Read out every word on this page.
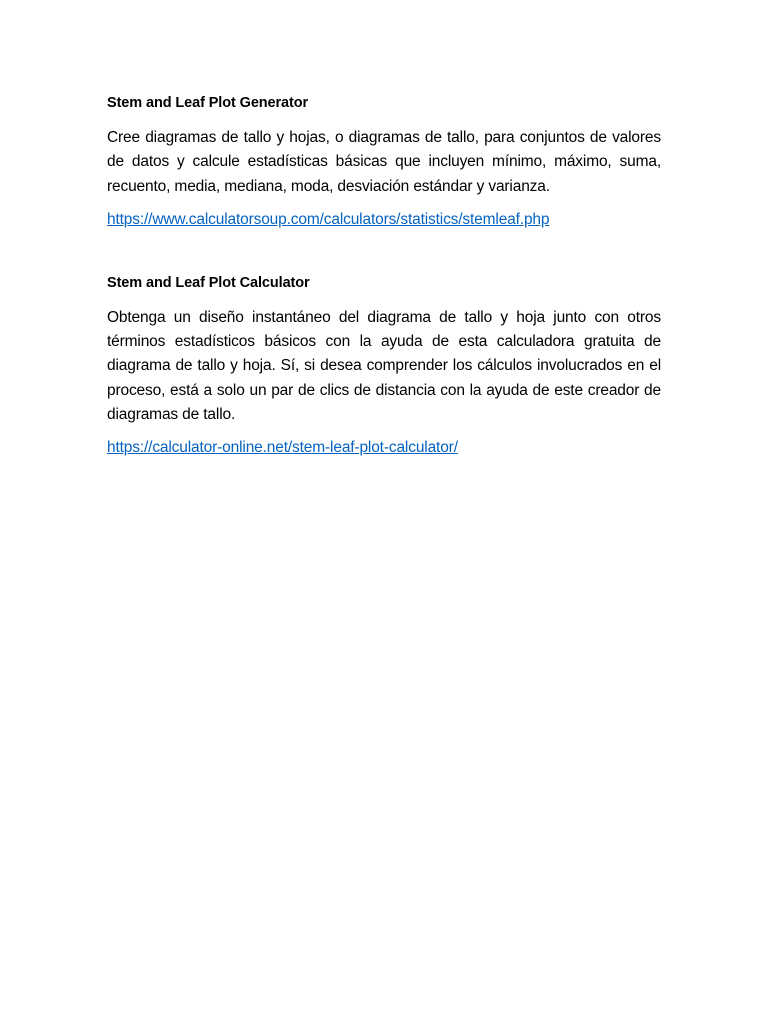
Stem and Leaf Plot Generator

Cree diagramas de tallo y hojas, o diagramas de tallo, para conjuntos de valores de datos y calcule estadísticas básicas que incluyen mínimo, máximo, suma, recuento, media, mediana, moda, desviación estándar y varianza.

https://www.calculatorsoup.com/calculators/statistics/stemleaf.php
Stem and Leaf Plot Calculator

Obtenga un diseño instantáneo del diagrama de tallo y hoja junto con otros términos estadísticos básicos con la ayuda de esta calculadora gratuita de diagrama de tallo y hoja. Sí, si desea comprender los cálculos involucrados en el proceso, está a solo un par de clics de distancia con la ayuda de este creador de diagramas de tallo.

https://calculator-online.net/stem-leaf-plot-calculator/
